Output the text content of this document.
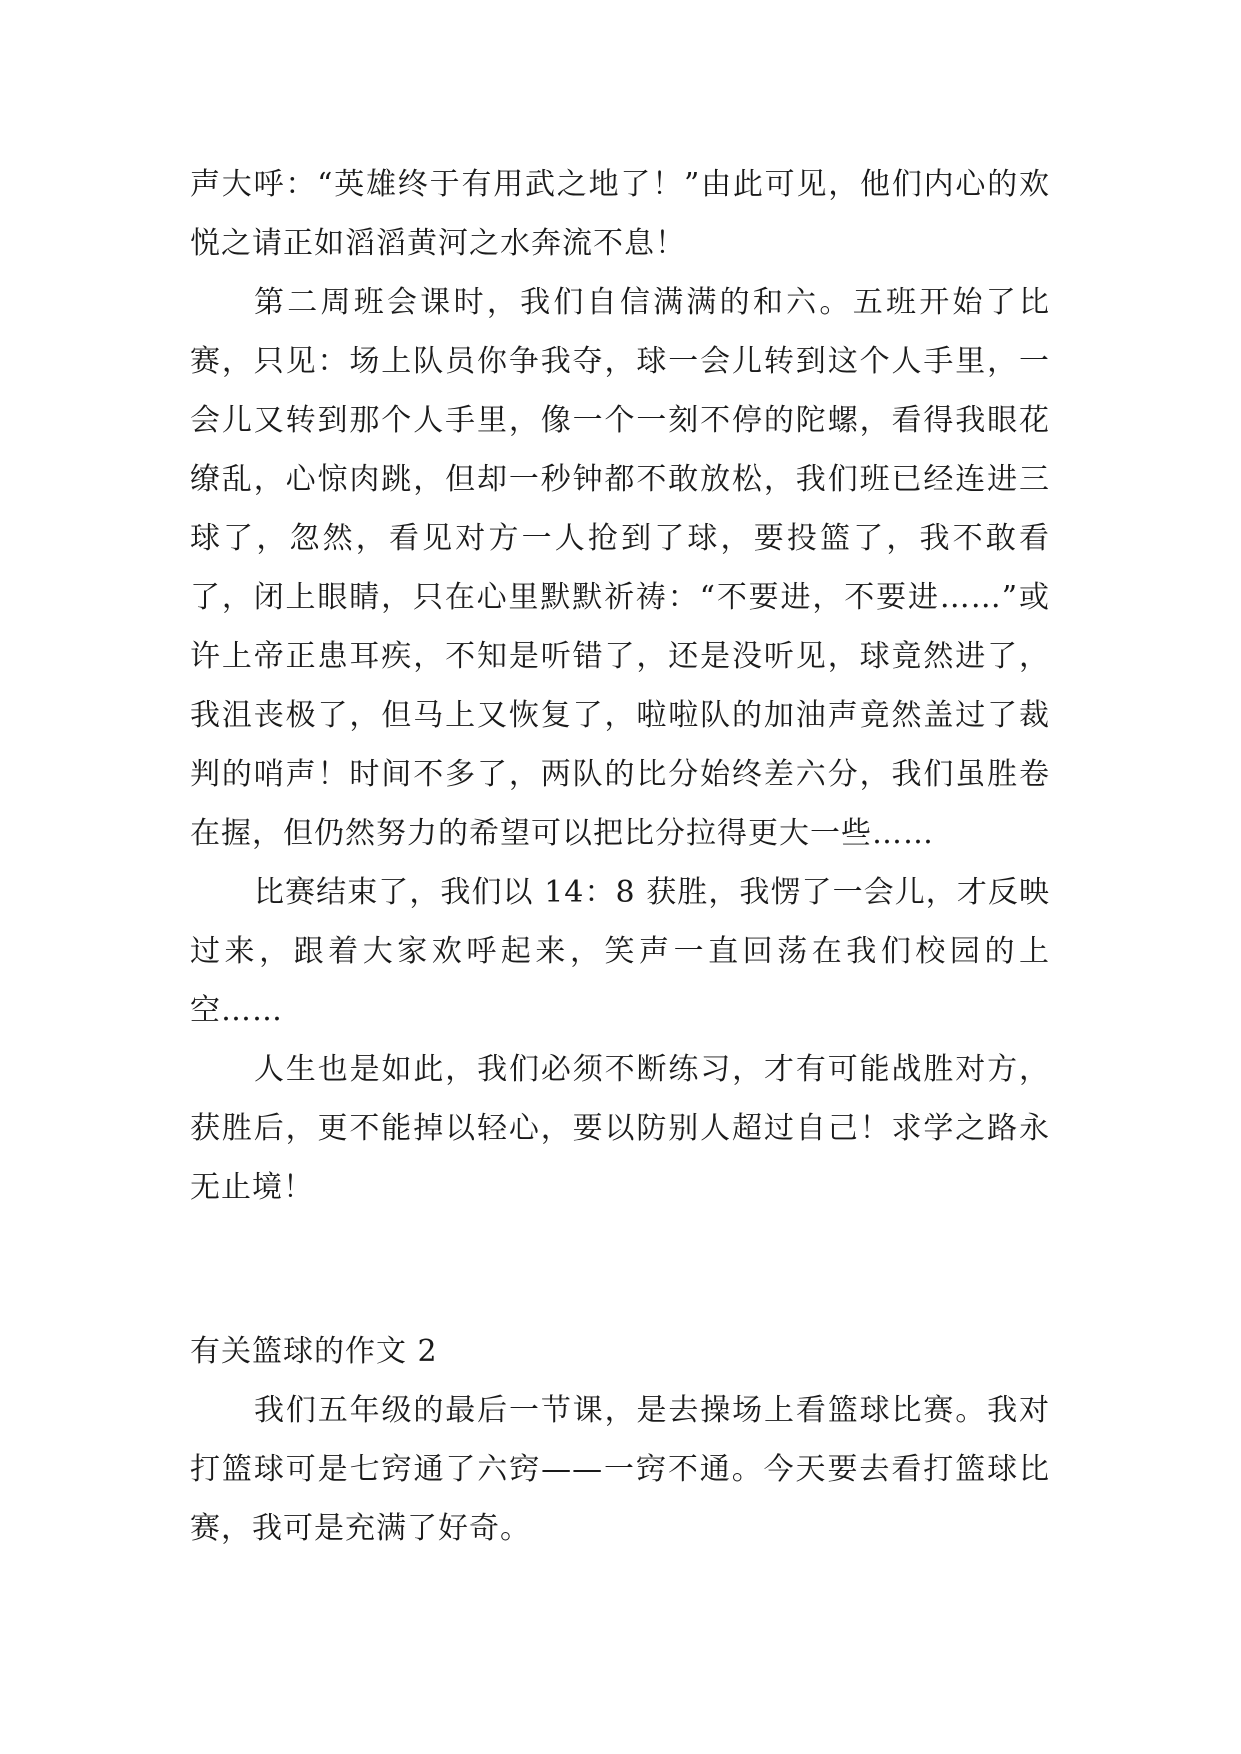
声大呼：“英雄终于有用武之地了！”由此可见，他们内心的欢悦之请正如滔滔黄河之水奔流不息！

第二周班会课时，我们自信满满的和六。五班开始了比赛，只见：场上队员你争我夺，球一会儿转到这个人手里，一会儿又转到那个人手里，像一个一刻不停的陀螺，看得我眼花缭乱，心惊肉跳，但却一秒钟都不敢放松，我们班已经连进三球了，忽然，看见对方一人抢到了球，要投篮了，我不敢看了，闭上眼睛，只在心里默默祈祷：“不要进，不要进……”或许上帝正患耳疾，不知是听错了，还是没听见，球竟然进了，我沮丧极了，但马上又恢复了，啦啦队的加油声竟然盖过了裁判的哨声！时间不多了，两队的比分始终差六分，我们虽胜卷在握，但仍然努力的希望可以把比分拉得更大一些……

比赛结束了，我们以 14：8 获胜，我愣了一会儿，才反映过来，跟着大家欢呼起来，笑声一直回荡在我们校园的上空……

人生也是如此，我们必须不断练习，才有可能战胜对方，获胜后，更不能掉以轻心，要以防别人超过自己！求学之路永无止境！

有关篮球的作文 2

我们五年级的最后一节课，是去操场上看篮球比赛。我对打篮球可是七窍通了六窍——一窍不通。今天要去看打篮球比赛，我可是充满了好奇。
